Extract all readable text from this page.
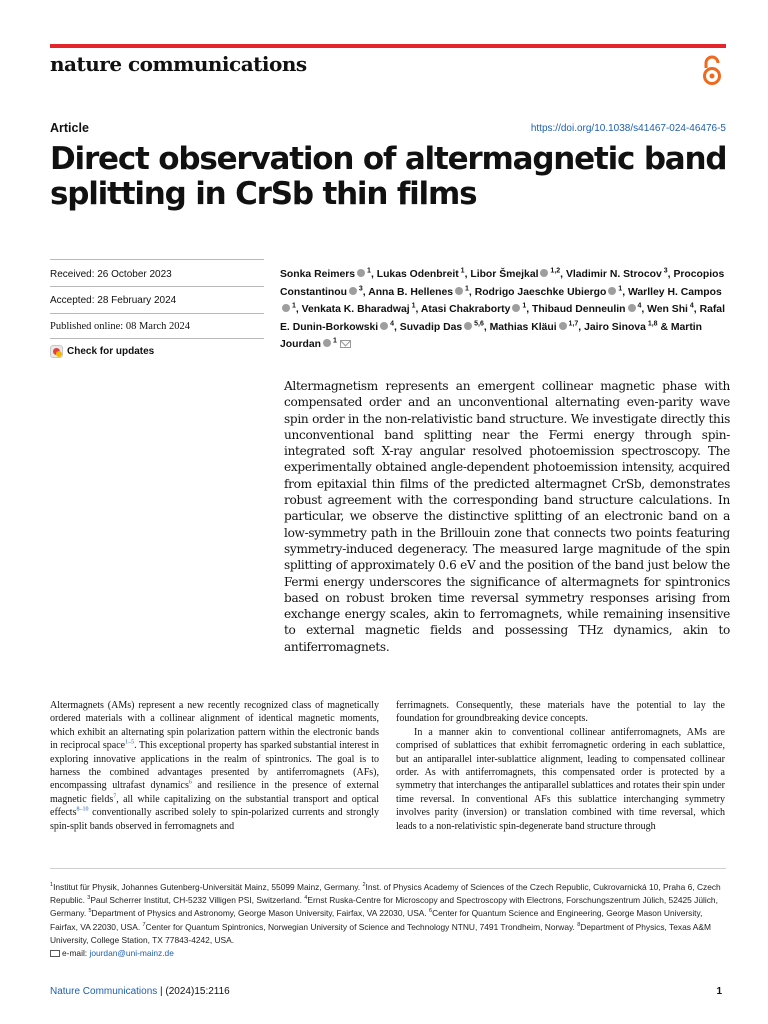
nature communications
Article	https://doi.org/10.1038/s41467-024-46476-5
Direct observation of altermagnetic band splitting in CrSb thin films
Received: 26 October 2023
Accepted: 28 February 2024
Published online: 08 March 2024
Check for updates
Sonka Reimers $^1$, Lukas Odenbreit $^1$, Libor Šmejkal $^{1,2}$, Vladimir N. Strocov $^3$, Procopios Constantinou $^3$, Anna B. Hellenes $^1$, Rodrigo Jaeschke Ubiergo $^1$, Warlley H. Campos $^1$, Venkata K. Bharadwaj $^1$, Atasi Chakraborty $^1$, Thibaud Denneulin $^4$, Wen Shi $^4$, Rafal E. Dunin-Borkowski $^4$, Suvadip Das $^{5,6}$, Mathias Kläui $^{1,7}$, Jairo Sinova $^{1,8}$ & Martin Jourdan $^1$

Altermagnetism represents an emergent collinear magnetic phase with compensated order and an unconventional alternating even-parity wave spin order in the non-relativistic band structure. We investigate directly this unconventional band splitting near the Fermi energy through spin-integrated soft X-ray angular resolved photoemission spectroscopy. The experimentally obtained angle-dependent photoemission intensity, acquired from epitaxial thin films of the predicted altermagnet CrSb, demonstrates robust agreement with the corresponding band structure calculations. In particular, we observe the distinctive splitting of an electronic band on a low-symmetry path in the Brillouin zone that connects two points featuring symmetry-induced degeneracy. The measured large magnitude of the spin splitting of approximately 0.6 eV and the position of the band just below the Fermi energy underscores the significance of altermagnets for spintronics based on robust broken time reversal symmetry responses arising from exchange energy scales, akin to ferromagnets, while remaining insensitive to external magnetic fields and possessing THz dynamics, akin to antiferromagnets.

Altermagnets (AMs) represent a new recently recognized class of magnetically ordered materials with a collinear alignment of identical magnetic moments, which exhibit an alternating spin polarization pattern within the electronic bands in reciprocal space$^{1-5}$. This exceptional property has sparked substantial interest in exploring innovative applications in the realm of spintronics. The goal is to harness the combined advantages presented by antiferromagnets (AFs), encompassing ultrafast dynamics$^6$ and resilience in the presence of external magnetic fields$^7$, all while capitalizing on the substantial transport and optical effects$^{8-10}$ conventionally ascribed solely to spin-polarized currents and strongly spin-split bands observed in ferromagnets and

ferrimagnets. Consequently, these materials have the potential to lay the foundation for groundbreaking device concepts.

In a manner akin to conventional collinear antiferromagnets, AMs are comprised of sublattices that exhibit ferromagnetic ordering in each sublattice, but an antiparallel inter-sublattice alignment, leading to compensated collinear order. As with antiferromagnets, this compensated order is protected by a symmetry that interchanges the antiparallel sublattices and rotates their spin under time reversal. In conventional AFs this sublattice interchanging symmetry involves parity (inversion) or translation combined with time reversal, which leads to a non-relativistic spin-degenerate band structure through

$^1$Institut für Physik, Johannes Gutenberg-Universität Mainz, 55099 Mainz, Germany. $^2$Inst. of Physics Academy of Sciences of the Czech Republic, Cukrovarnická 10, Praha 6, Czech Republic. $^3$Paul Scherrer Institut, CH-5232 Villigen PSI, Switzerland. $^4$Ernst Ruska-Centre for Microscopy and Spectroscopy with Electrons, Forschungszentrum Jülich, 52425 Jülich, Germany. $^5$Department of Physics and Astronomy, George Mason University, Fairfax, VA 22030, USA. $^6$Center for Quantum Science and Engineering, George Mason University, Fairfax, VA 22030, USA. $^7$Center for Quantum Spintronics, Norwegian University of Science and Technology NTNU, 7491 Trondheim, Norway. $^8$Department of Physics, Texas A&M University, College Station, TX 77843-4242, USA.
e-mail: jourdan@uni-mainz.de
Nature Communications | (2024)15:2116	1
